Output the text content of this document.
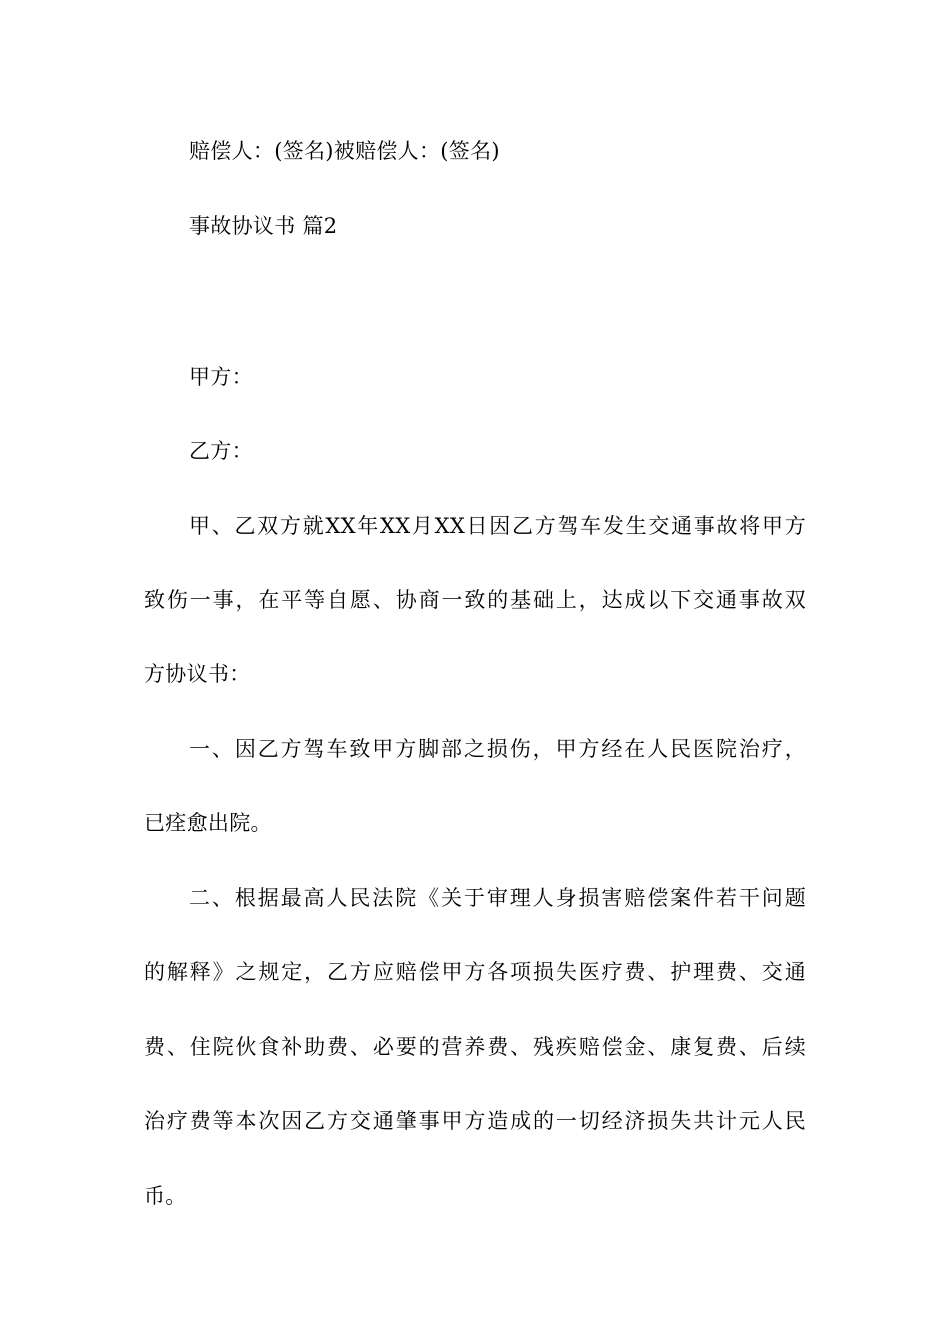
赔偿人：(签名)被赔偿人：(签名)
事故协议书 篇2
甲方：
乙方：
甲、乙双方就XX年XX月XX日因乙方驾车发生交通事故将甲方
致伤一事，在平等自愿、协商一致的基础上，达成以下交通事故双
方协议书：
一、因乙方驾车致甲方脚部之损伤，甲方经在人民医院治疗，
已痊愈出院。
二、根据最高人民法院《关于审理人身损害赔偿案件若干问题
的解释》之规定，乙方应赔偿甲方各项损失医疗费、护理费、交通
费、住院伙食补助费、必要的营养费、残疾赔偿金、康复费、后续
治疗费等本次因乙方交通肇事甲方造成的一切经济损失共计元人民
币。
